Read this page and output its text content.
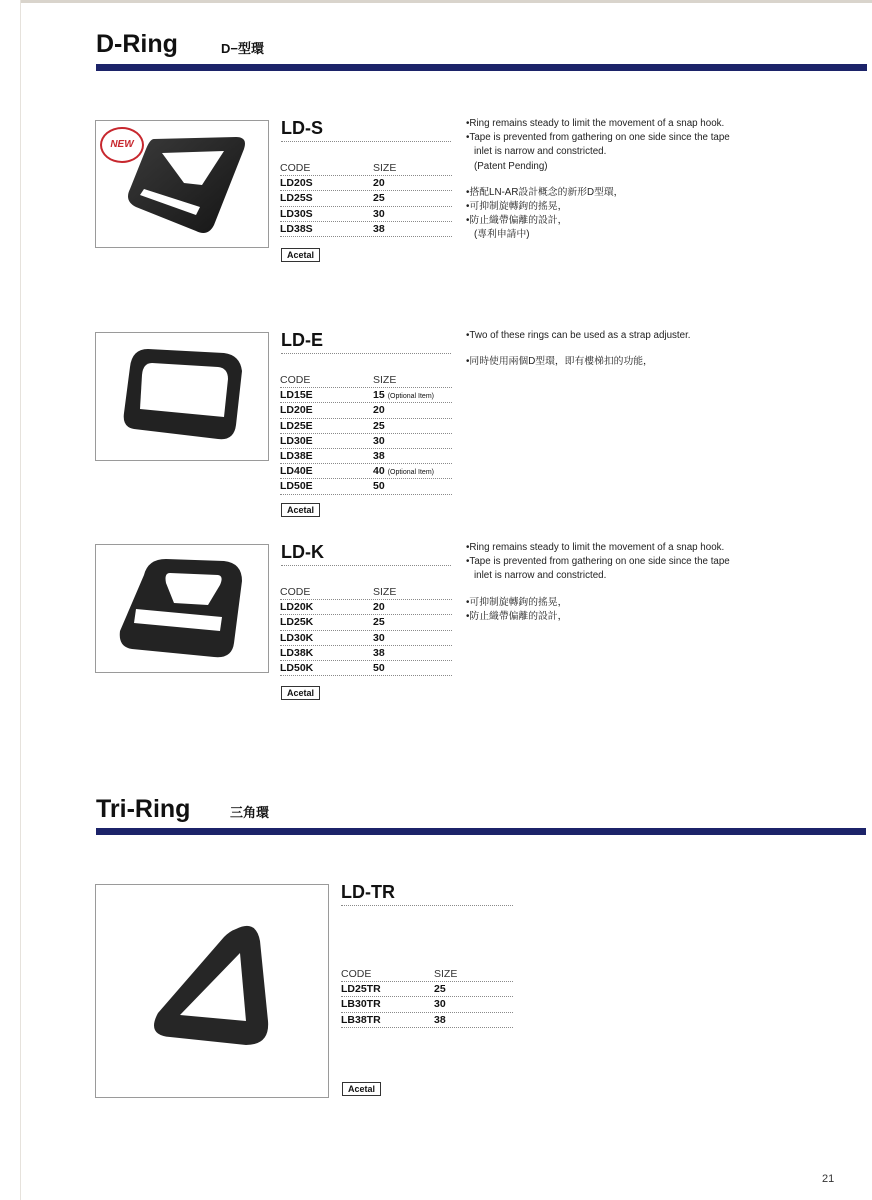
D-Ring	D−型環
NEW
LD-S
CODE	SIZE
LD20S	20
LD25S	25
LD30S	30
LD38S	38
Acetal
•Ring remains steady to limit the movement of a snap hook.
•Tape is prevented from gathering on one side since the tape
inlet is narrow and constricted.
(Patent Pending)
•搭配LN-AR設計概念的新形D型環，
•可抑制旋轉鉤的搖晃，
•防止織帶偏離的設計，
(專利申請中)
LD-E
CODE	SIZE
LD15E	15 (Optional Item)
LD20E	20
LD25E	25
LD30E	30
LD38E	38
LD40E	40 (Optional Item)
LD50E	50
Acetal
•Two of these rings can be used as a strap adjuster.
•同時使用兩個D型環，即有樓梯扣的功能，
LD-K
CODE	SIZE
LD20K	20
LD25K	25
LD30K	30
LD38K	38
LD50K	50
Acetal
•Ring remains steady to limit the movement of a snap hook.
•Tape is prevented from gathering on one side since the tape
inlet is narrow and constricted.
•可抑制旋轉鉤的搖晃，
•防止織帶偏離的設計，
Tri-Ring	三角環
LD-TR
CODE	SIZE
LD25TR	25
LB30TR	30
LB38TR	38
Acetal
21
